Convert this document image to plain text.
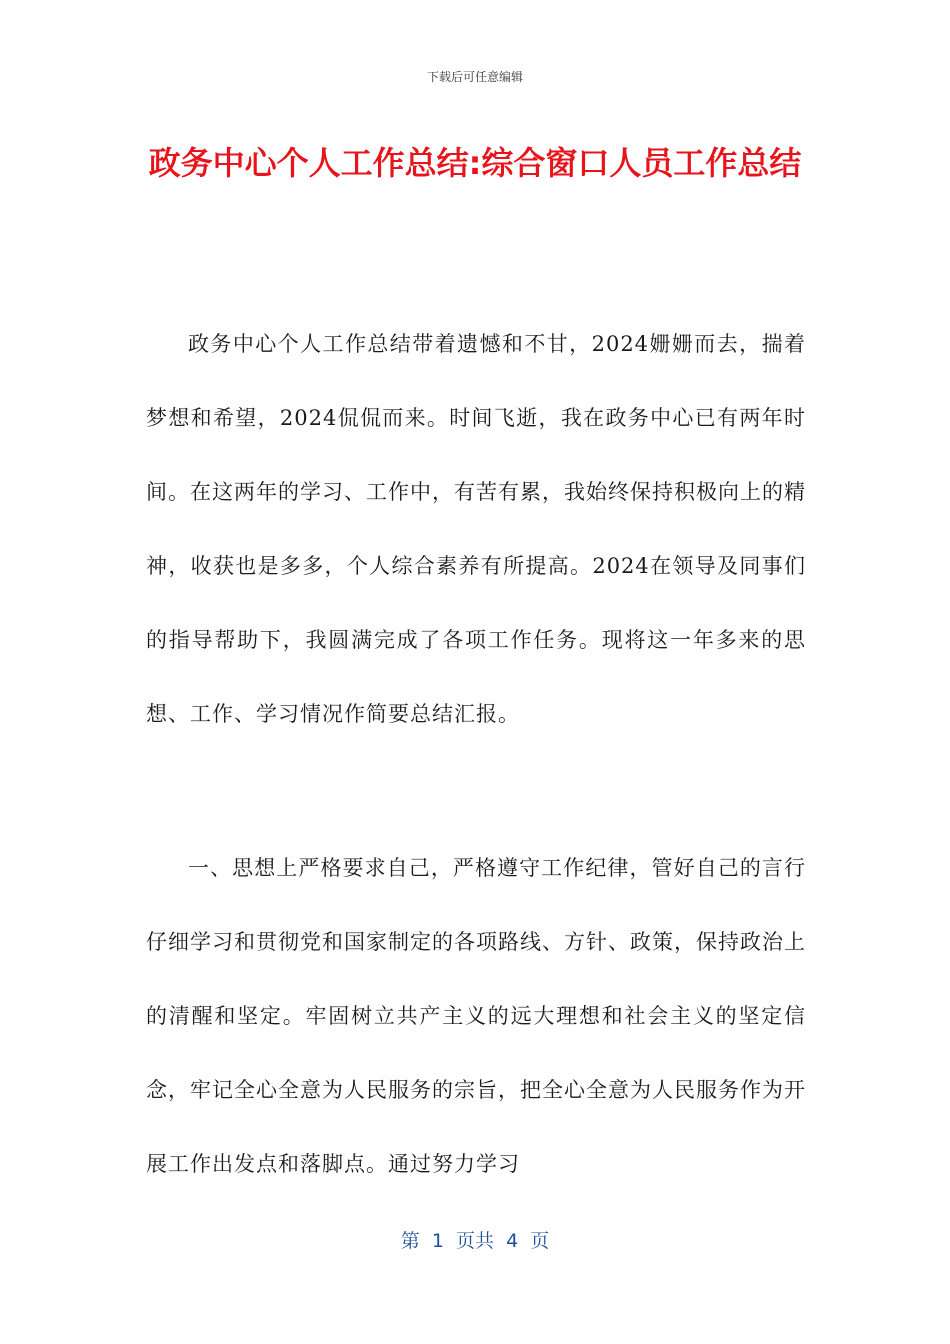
下载后可任意编辑
政务中心个人工作总结:综合窗口人员工作总结

政务中心个人工作总结带着遗憾和不甘，2024姗姗而去，揣着梦想和希望，2024侃侃而来。时间飞逝，我在政务中心已有两年时间。在这两年的学习、工作中，有苦有累，我始终保持积极向上的精神，收获也是多多，个人综合素养有所提高。2024在领导及同事们的指导帮助下，我圆满完成了各项工作任务。现将这一年多来的思想、工作、学习情况作简要总结汇报。

一、思想上严格要求自己，严格遵守工作纪律，管好自己的言行仔细学习和贯彻党和国家制定的各项路线、方针、政策，保持政治上的清醒和坚定。牢固树立共产主义的远大理想和社会主义的坚定信念，牢记全心全意为人民服务的宗旨，把全心全意为人民服务作为开展工作出发点和落脚点。通过努力学习

第  1  页共  4  页
